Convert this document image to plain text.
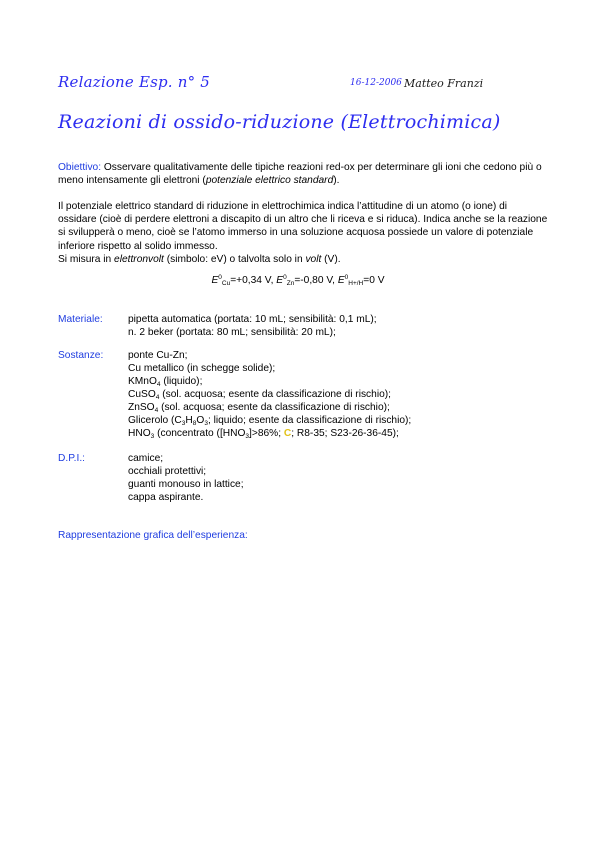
Relazione Esp. n° 5	16-12-2006 Matteo Franzi
Reazioni di ossido-riduzione (Elettrochimica)
Obiettivo: Osservare qualitativamente delle tipiche reazioni red-ox per determinare gli ioni che cedono più o meno intensamente gli elettroni (potenziale elettrico standard).
Il potenziale elettrico standard di riduzione in elettrochimica indica l’attitudine di un atomo (o ione) di ossidare (cioè di perdere elettroni a discapito di un altro che li riceva e si riduca). Indica anche se la reazione si svilupperà o meno, cioè se l’atomo immerso in una soluzione acquosa possiede un valore di potenziale inferiore rispetto al solido immesso.
Si misura in elettronvolt (simbolo: eV) o talvolta solo in volt (V).
$E^0_{Cu}=+0,34$ V, $E^0_{Zn}=-0,80$ V, $E^0_{H+/H}=0$ V
Materiale: pipetta automatica (portata: 10 mL; sensibilità: 0,1 mL);
n. 2 beker (portata: 80 mL; sensibilità: 20 mL);
Sostanze: ponte Cu-Zn;
Cu metallico (in schegge solide);
KMnO$_4$ (liquido);
CuSO$_4$ (sol. acquosa; esente da classificazione di rischio);
ZnSO$_4$ (sol. acquosa; esente da classificazione di rischio);
Glicerolo ($C_3H_8O_3$; liquido; esente da classificazione di rischio);
$HNO_3$ (concentrato ($[HNO_3]>86\%$; C; R8-35; S23-26-36-45);
D.P.I.:	camice;
occhiali protettivi;
guanti monouso in lattice;
cappa aspirante.
Rappresentazione grafica dell’esperienza:
